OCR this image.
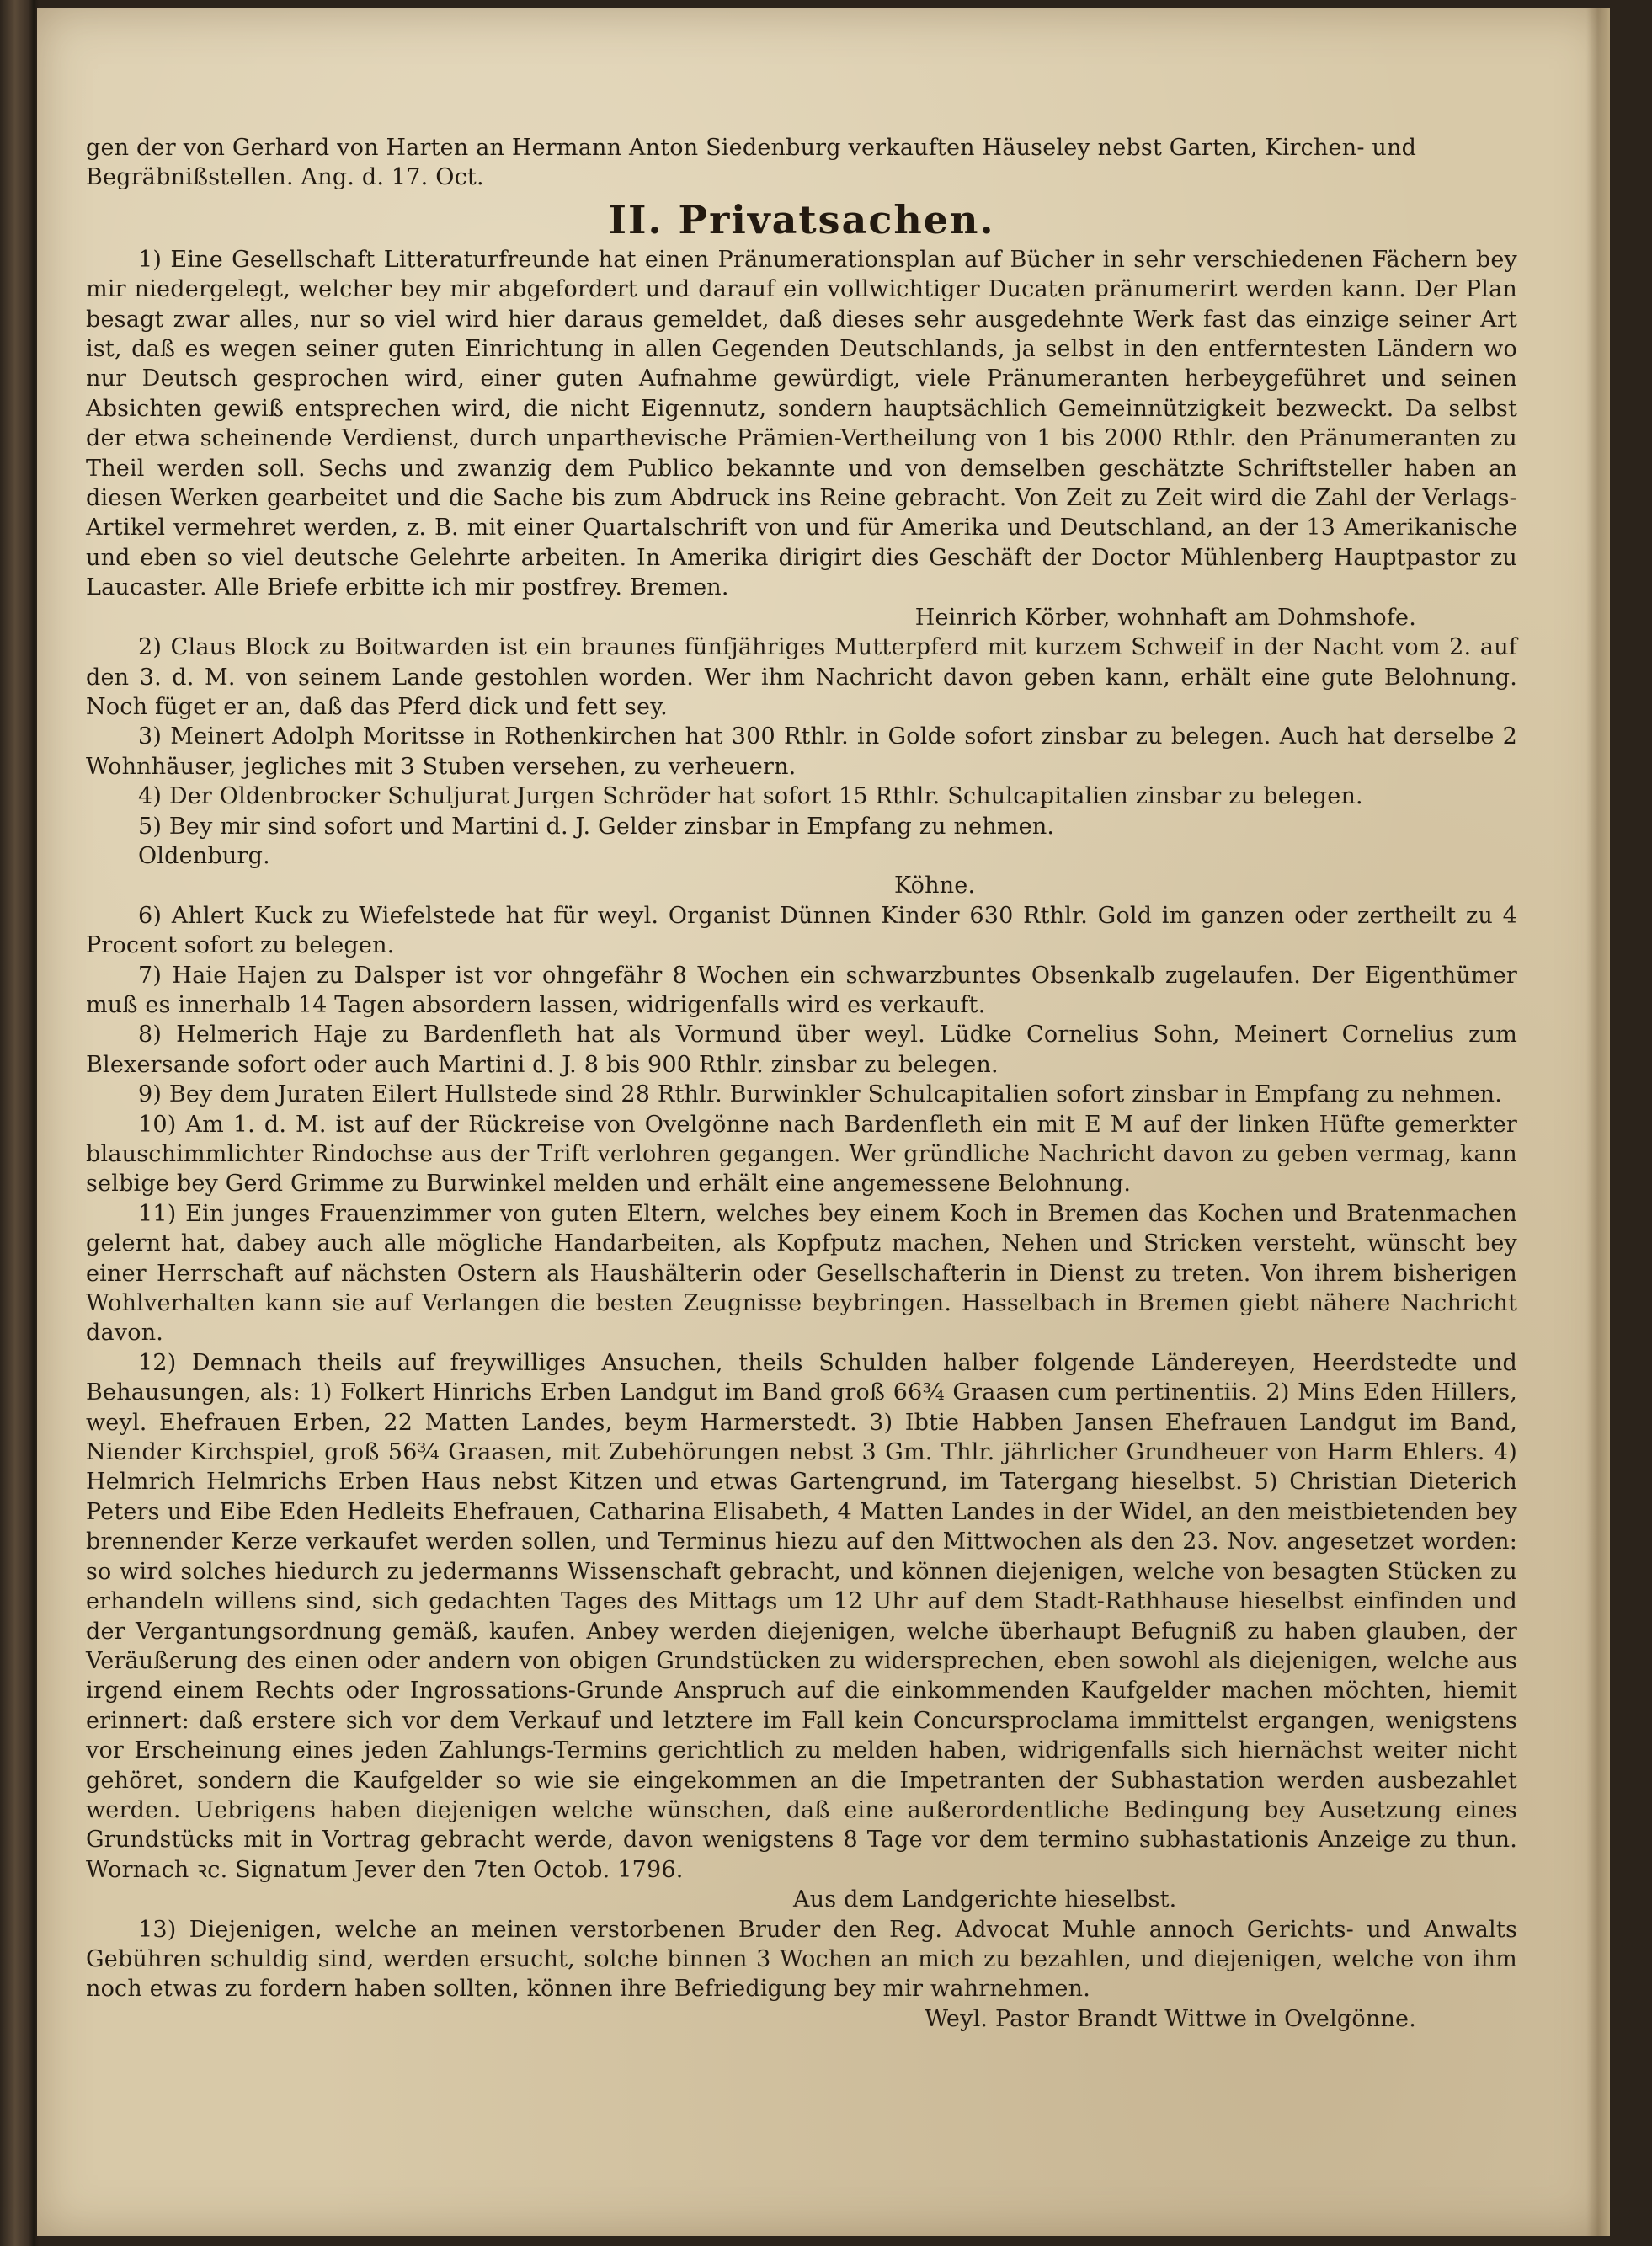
gen der von Gerhard von Harten an Hermann Anton Siedenburg verkauften Häuseley nebst Garten, Kirchen- und Begräbnißstellen. Ang. d. 17. Oct.

II. Privatsachen.

1) Eine Gesellschaft Litteraturfreunde hat einen Pränumerationsplan auf Bücher in sehr verschiedenen Fächern bey mir niedergelegt, welcher bey mir abgefordert und darauf ein vollwichtiger Ducaten pränumerirt werden kann. Der Plan besagt zwar alles, nur so viel wird hier daraus gemeldet, daß dieses sehr ausgedehnte Werk fast das einzige seiner Art ist, daß es wegen seiner guten Einrichtung in allen Gegenden Deutschlands, ja selbst in den entferntesten Ländern wo nur Deutsch gesprochen wird, einer guten Aufnahme gewürdigt, viele Pränumeranten herbeygeführet und seinen Absichten gewiß entsprechen wird, die nicht Eigennutz, sondern hauptsächlich Gemeinnützigkeit bezweckt. Da selbst der etwa scheinende Verdienst, durch unparthevische Prämien-Vertheilung von 1 bis 2000 Rthlr. den Pränumeranten zu Theil werden soll. Sechs und zwanzig dem Publico bekannte und von demselben geschätzte Schriftsteller haben an diesen Werken gearbeitet und die Sache bis zum Abdruck ins Reine gebracht. Von Zeit zu Zeit wird die Zahl der Verlags-Artikel vermehret werden, z. B. mit einer Quartalschrift von und für Amerika und Deutschland, an der 13 Amerikanische und eben so viel deutsche Gelehrte arbeiten. In Amerika dirigirt dies Geschäft der Doctor Mühlenberg Hauptpastor zu Laucaster. Alle Briefe erbitte ich mir postfrey. Bremen.

Heinrich Körber, wohnhaft am Dohmshofe.

2) Claus Block zu Boitwarden ist ein braunes fünfjähriges Mutterpferd mit kurzem Schweif in der Nacht vom 2. auf den 3. d. M. von seinem Lande gestohlen worden. Wer ihm Nachricht davon geben kann, erhält eine gute Belohnung. Noch füget er an, daß das Pferd dick und fett sey.

3) Meinert Adolph Moritsse in Rothenkirchen hat 300 Rthlr. in Golde sofort zinsbar zu belegen. Auch hat derselbe 2 Wohnhäuser, jegliches mit 3 Stuben versehen, zu verheuern.

4) Der Oldenbrocker Schuljurat Jurgen Schröder hat sofort 15 Rthlr. Schulcapitalien zinsbar zu belegen.

5) Bey mir sind sofort und Martini d. J. Gelder zinsbar in Empfang zu nehmen.

Oldenburg.

Köhne.

6) Ahlert Kuck zu Wiefelstede hat für weyl. Organist Dünnen Kinder 630 Rthlr. Gold im ganzen oder zertheilt zu 4 Procent sofort zu belegen.

7) Haie Hajen zu Dalsper ist vor ohngefähr 8 Wochen ein schwarzbuntes Obsenkalb zugelaufen. Der Eigenthümer muß es innerhalb 14 Tagen absordern lassen, widrigenfalls wird es verkauft.

8) Helmerich Haje zu Bardenfleth hat als Vormund über weyl. Lüdke Cornelius Sohn, Meinert Cornelius zum Blexersande sofort oder auch Martini d. J. 8 bis 900 Rthlr. zinsbar zu belegen.

9) Bey dem Juraten Eilert Hullstede sind 28 Rthlr. Burwinkler Schulcapitalien sofort zinsbar in Empfang zu nehmen.

10) Am 1. d. M. ist auf der Rückreise von Ovelgönne nach Bardenfleth ein mit E M auf der linken Hüfte gemerkter blauschimmlichter Rindochse aus der Trift verlohren gegangen. Wer gründliche Nachricht davon zu geben vermag, kann selbige bey Gerd Grimme zu Burwinkel melden und erhält eine angemessene Belohnung.

11) Ein junges Frauenzimmer von guten Eltern, welches bey einem Koch in Bremen das Kochen und Bratenmachen gelernt hat, dabey auch alle mögliche Handarbeiten, als Kopfputz machen, Nehen und Stricken versteht, wünscht bey einer Herrschaft auf nächsten Ostern als Haushälterin oder Gesellschafterin in Dienst zu treten. Von ihrem bisherigen Wohlverhalten kann sie auf Verlangen die besten Zeugnisse beybringen. Hasselbach in Bremen giebt nähere Nachricht davon.

12) Demnach theils auf freywilliges Ansuchen, theils Schulden halber folgende Ländereyen, Heerdstedte und Behausungen, als: 1) Folkert Hinrichs Erben Landgut im Band groß 66¾ Graasen cum pertinentiis. 2) Mins Eden Hillers, weyl. Ehefrauen Erben, 22 Matten Landes, beym Harmerstedt. 3) Ibtie Habben Jansen Ehefrauen Landgut im Band, Niender Kirchspiel, groß 56¾ Graasen, mit Zubehörungen nebst 3 Gm. Thlr. jährlicher Grundheuer von Harm Ehlers. 4) Helmrich Helmrichs Erben Haus nebst Kitzen und etwas Gartengrund, im Tatergang hieselbst. 5) Christian Dieterich Peters und Eibe Eden Hedleits Ehefrauen, Catharina Elisabeth, 4 Matten Landes in der Widel, an den meistbietenden bey brennender Kerze verkaufet werden sollen, und Terminus hiezu auf den Mittwochen als den 23. Nov. angesetzet worden: so wird solches hiedurch zu jedermanns Wissenschaft gebracht, und können diejenigen, welche von besagten Stücken zu erhandeln willens sind, sich gedachten Tages des Mittags um 12 Uhr auf dem Stadt-Rathhause hieselbst einfinden und der Vergantungsordnung gemäß, kaufen. Anbey werden diejenigen, welche überhaupt Befugniß zu haben glauben, der Veräußerung des einen oder andern von obigen Grundstücken zu widersprechen, eben sowohl als diejenigen, welche aus irgend einem Rechts oder Ingrossations-Grunde Anspruch auf die einkommenden Kaufgelder machen möchten, hiemit erinnert: daß erstere sich vor dem Verkauf und letztere im Fall kein Concursproclama immittelst ergangen, wenigstens vor Erscheinung eines jeden Zahlungs-Termins gerichtlich zu melden haben, widrigenfalls sich hiernächst weiter nicht gehöret, sondern die Kaufgelder so wie sie eingekommen an die Impetranten der Subhastation werden ausbezahlet werden. Uebrigens haben diejenigen welche wünschen, daß eine außerordentliche Bedingung bey Ausetzung eines Grundstücks mit in Vortrag gebracht werde, davon wenigstens 8 Tage vor dem termino subhastationis Anzeige zu thun. Wornach ꝛc. Signatum Jever den 7ten Octob. 1796.

Aus dem Landgerichte hieselbst.

13) Diejenigen, welche an meinen verstorbenen Bruder den Reg. Advocat Muhle annoch Gerichts- und Anwalts Gebühren schuldig sind, werden ersucht, solche binnen 3 Wochen an mich zu bezahlen, und diejenigen, welche von ihm noch etwas zu fordern haben sollten, können ihre Befriedigung bey mir wahrnehmen.

Weyl. Pastor Brandt Wittwe in Ovelgönne.
